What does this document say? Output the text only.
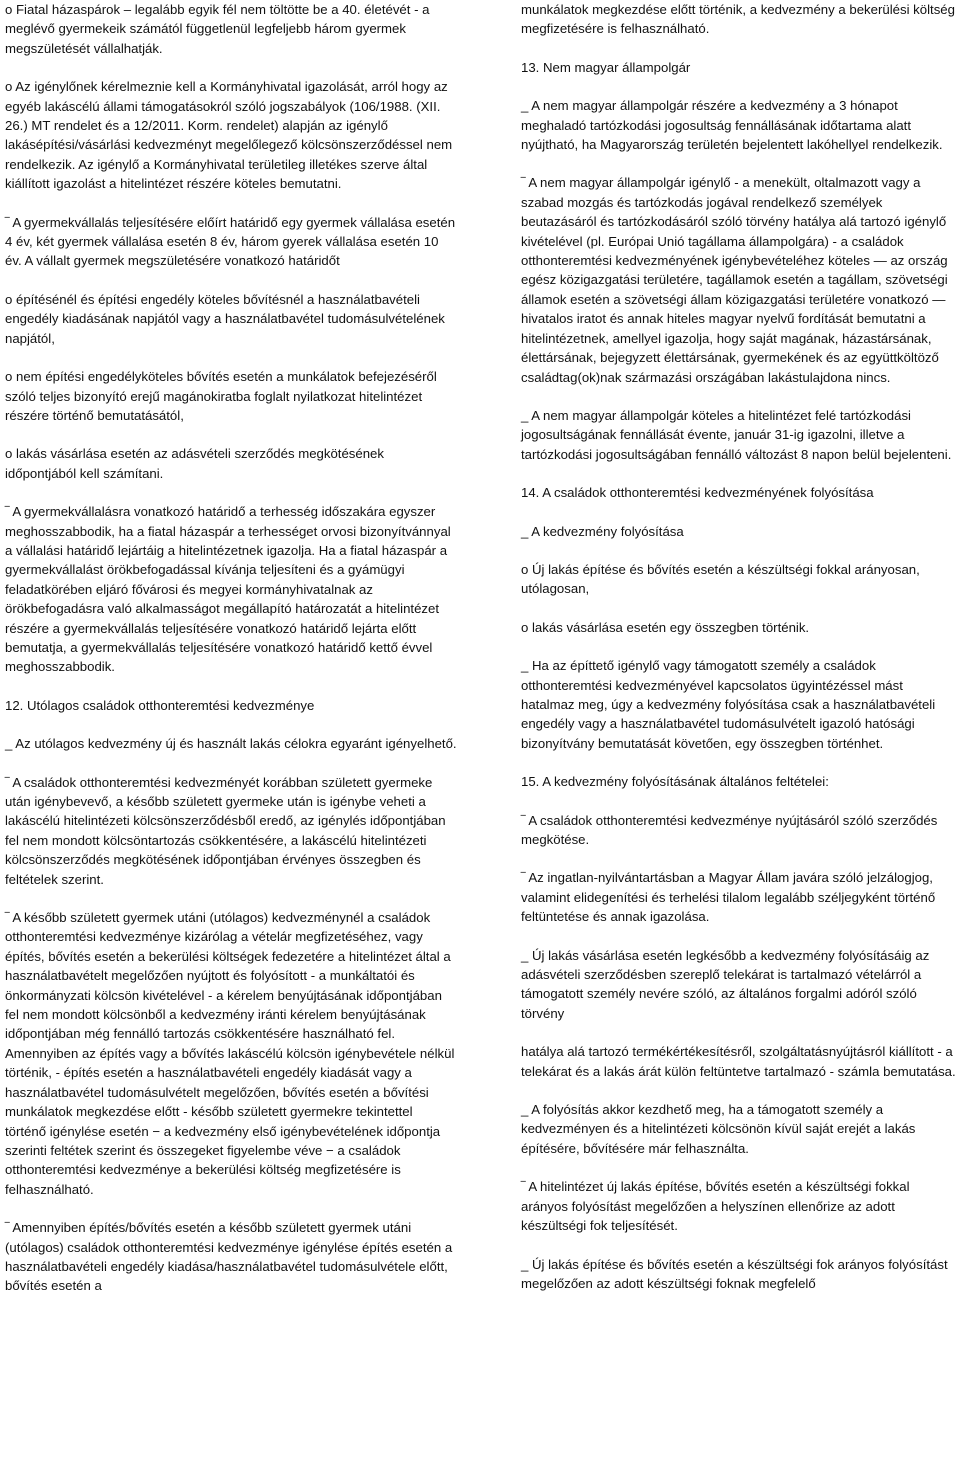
o Fiatal házaspárok – legalább egyik fél nem töltötte be a 40. életévét - a meglévő gyermekeik számától függetlenül legfeljebb három gyermek megszületését vállalhatják.

o Az igénylőnek kérelmeznie kell a Kormányhivatal igazolását, arról hogy az egyéb lakáscélú állami támogatásokról szóló jogszabályok (106/1988. (XII. 26.) MT rendelet és a 12/2011. Korm. rendelet) alapján az igénylő lakásépítési/vásárlási kedvezményt megelőlegező kölcsönszerződéssel nem rendelkezik. Az igénylő a Kormányhivatal területileg illetékes szerve által kiállított igazolást a hitelintézet részére köteles bemutatni.

‾ A gyermekvállalás teljesítésére előírt határidő egy gyermek vállalása esetén 4 év, két gyermek vállalása esetén 8 év, három gyerek vállalása esetén 10 év. A vállalt gyermek megszületésére vonatkozó határidőt

o építésénél és építési engedély köteles bővítésnél a használatbavételi engedély kiadásának napjától vagy a használatbavétel tudomásulvételének napjától,

o nem építési engedélyköteles bővítés esetén a munkálatok befejezéséről szóló teljes bizonyító erejű magánokiratba foglalt nyilatkozat hitelintézet részére történő bemutatásától,

o lakás vásárlása esetén az adásvételi szerződés megkötésének időpontjából kell számítani.

‾ A gyermekvállalásra vonatkozó határidő a terhesség időszakára egyszer meghosszabbodik, ha a fiatal házaspár a terhességet orvosi bizonyítvánnyal a vállalási határidő lejártáig a hitelintézetnek igazolja. Ha a fiatal házaspár a gyermekvállalást örökbefogadással kívánja teljesíteni és a gyámügyi feladatkörében eljáró fővárosi és megyei kormányhivatalnak az örökbefogadásra való alkalmasságot megállapító határozatát a hitelintézet részére a gyermekvállalás teljesítésére vonatkozó határidő lejárta előtt bemutatja, a gyermekvállalás teljesítésére vonatkozó határidő kettő évvel meghosszabbodik.

12. Utólagos családok otthonteremtési kedvezménye

_ Az utólagos kedvezmény új és használt lakás célokra egyaránt igényelhető.

‾ A családok otthonteremtési kedvezményét korábban született gyermeke után igénybevevő, a később született gyermeke után is igénybe veheti a lakáscélú hitelintézeti kölcsönszerződésből eredő, az igénylés időpontjában fel nem mondott kölcsöntartozás csökkentésére, a lakáscélú hitelintézeti kölcsönszerződés megkötésének időpontjában érvényes összegben és feltételek szerint.

‾ A később született gyermek utáni (utólagos) kedvezménynél a családok otthonteremtési kedvezménye kizárólag a vételár megfizetéséhez, vagy építés, bővítés esetén a bekerülési költségek fedezetére a hitelintézet által a használatbavételt megelőzően nyújtott és folyósított - a munkáltatói és önkormányzati kölcsön kivételével - a kérelem benyújtásának időpontjában fel nem mondott kölcsönből a kedvezmény iránti kérelem benyújtásának időpontjában még fennálló tartozás csökkentésére használható fel. Amennyiben az építés vagy a bővítés lakáscélú kölcsön igénybevétele nélkül történik, - építés esetén a használatbavételi engedély kiadását vagy a használatbavétel tudomásulvételt megelőzően, bővítés esetén a bővítési munkálatok megkezdése előtt - később született gyermekre tekintettel történő igénylése esetén − a kedvezmény első igénybevételének időpontja szerinti feltétek szerint és összegeket figyelembe véve − a családok otthonteremtési kedvezménye a bekerülési költség megfizetésére is felhasználható.

‾ Amennyiben építés/bővítés esetén a később született gyermek utáni (utólagos) családok otthonteremtési kedvezménye igénylése építés esetén a használatbavételi engedély kiadása/használatbavétel tudomásulvétele előtt, bővítés esetén a

munkálatok megkezdése előtt történik, a kedvezmény a bekerülési költség megfizetésére is felhasználható.

13. Nem magyar állampolgár

_ A nem magyar állampolgár részére a kedvezmény a 3 hónapot meghaladó tartózkodási jogosultság fennállásának időtartama alatt nyújtható, ha Magyarország területén bejelentett lakóhellyel rendelkezik.

‾ A nem magyar állampolgár igénylő - a menekült, oltalmazott vagy a szabad mozgás és tartózkodás jogával rendelkező személyek beutazásáról és tartózkodásáról szóló törvény hatálya alá tartozó igénylő kivételével (pl. Európai Unió tagállama állampolgára) - a családok otthonteremtési kedvezményének igénybevételéhez köteles — az ország egész közigazgatási területére, tagállamok esetén a tagállam, szövetségi államok esetén a szövetségi állam közigazgatási területére vonatkozó — hivatalos iratot és annak hiteles magyar nyelvű fordítását bemutatni a hitelintézetnek, amellyel igazolja, hogy saját magának, házastársának, élettársának, bejegyzett élettársának, gyermekének és az együttköltöző családtag(ok)nak származási országában lakástulajdona nincs.

_ A nem magyar állampolgár köteles a hitelintézet felé tartózkodási jogosultságának fennállását évente, január 31-ig igazolni, illetve a tartózkodási jogosultságában fennálló változást 8 napon belül bejelenteni.

14. A családok otthonteremtési kedvezményének folyósítása

_ A kedvezmény folyósítása

o Új lakás építése és bővítés esetén a készültségi fokkal arányosan, utólagosan,

o lakás vásárlása esetén egy összegben történik.

_ Ha az építtető igénylő vagy támogatott személy a családok otthonteremtési kedvezményével kapcsolatos ügyintézéssel mást hatalmaz meg, úgy a kedvezmény folyósítása csak a használatbavételi engedély vagy a használatbavétel tudomásulvételt igazoló hatósági bizonyítvány bemutatását követően, egy összegben történhet.

15. A kedvezmény folyósításának általános feltételei:

‾ A családok otthonteremtési kedvezménye nyújtásáról szóló szerződés megkötése.

‾ Az ingatlan-nyilvántartásban a Magyar Állam javára szóló jelzálogjog, valamint elidegenítési és terhelési tilalom legalább széljegyként történő feltüntetése és annak igazolása.

_ Új lakás vásárlása esetén legkésőbb a kedvezmény folyósításáig az adásvételi szerződésben szereplő telekárat is tartalmazó vételárról a támogatott személy nevére szóló, az általános forgalmi adóról szóló törvény

hatálya alá tartozó termékértékesítésről, szolgáltatásnyújtásról kiállított - a telekárat és a lakás árát külön feltüntetve tartalmazó - számla bemutatása.

_ A folyósítás akkor kezdhető meg, ha a támogatott személy a kedvezményen és a hitelintézeti kölcsönön kívül saját erejét a lakás építésére, bővítésére már felhasználta.

‾ A hitelintézet új lakás építése, bővítés esetén a készültségi fokkal arányos folyósítást megelőzően a helyszínen ellenőrize az adott készültségi fok teljesítését.

_ Új lakás építése és bővítés esetén a készültségi fok arányos folyósítást megelőzően az adott készültségi foknak megfelelő
